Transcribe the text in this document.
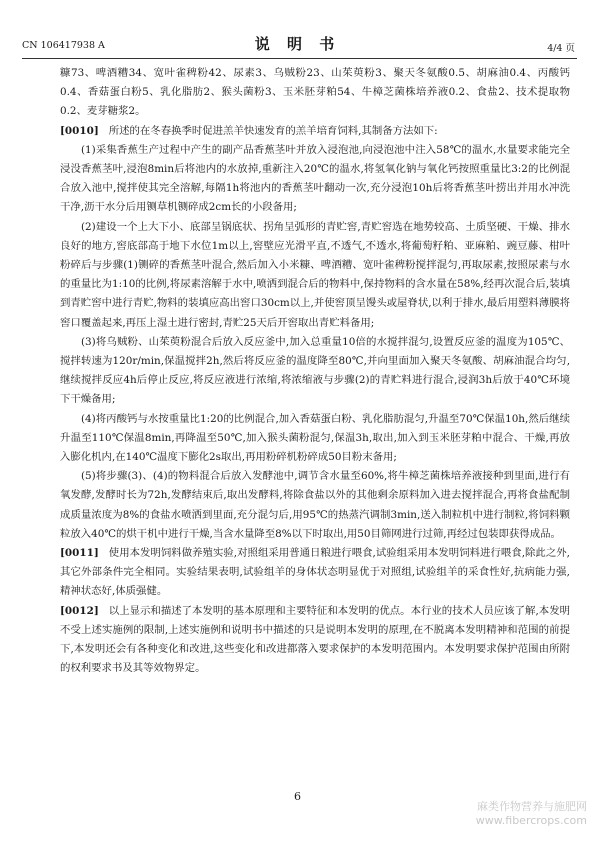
CN 106417938 A	说 明 书	4/4 页

糠73、啤酒糟34、宽叶雀稗粉42、尿素3、乌贼粉23、山茱萸粉3、聚天冬氨酸0.5、胡麻油0.4、丙酸钙0.4、香菇蛋白粉5、乳化脂肪2、猴头菌粉3、玉米胚芽粕54、牛樟芝菌株培养液0.2、食盐2、技术提取物0.2、麦芽糖浆2。

[0010] 所述的在冬春换季时促进羔羊快速发育的羔羊培育饲料,其制备方法如下:

(1)采集香蕉生产过程中产生的副产品香蕉茎叶并放入浸泡池,向浸泡池中注入58℃的温水,水量要求能完全浸没香蕉茎叶,浸泡8min后将池内的水放掉,重新注入20℃的温水,将氢氧化钠与氧化钙按照重量比3:2的比例混合放入池中,搅拌使其完全溶解,每隔1h将池内的香蕉茎叶翻动一次,充分浸泡10h后将香蕉茎叶捞出并用水冲洗干净,沥干水分后用铡草机铡碎成2cm长的小段备用;

(2)建设一个上大下小、底部呈锅底状、拐角呈弧形的青贮窖,青贮窖选在地势较高、土质坚硬、干燥、排水良好的地方,窖底部高于地下水位1m以上,窖壁应光滑平直,不透气,不透水,将葡萄籽粕、亚麻粕、豌豆藤、柑叶粉碎后与步骤(1)铡碎的香蕉茎叶混合,然后加入小米糠、啤酒糟、宽叶雀稗粉搅拌混匀,再取尿素,按照尿素与水的重量比为1:10的比例,将尿素溶解于水中,喷洒到混合后的物料中,保持物料的含水量在58%,经再次混合后,装填到青贮窖中进行青贮,物料的装填应高出窖口30cm以上,并使窖顶呈馒头或屋脊状,以利于排水,最后用塑料薄膜将窖口覆盖起来,再压上湿土进行密封,青贮25天后开窖取出青贮料备用;

(3)将乌贼粉、山茱萸粉混合后放入反应釜中,加入总重量10倍的水搅拌混匀,设置反应釜的温度为105℃、搅拌转速为120r/min,保温搅拌2h,然后将反应釜的温度降至80℃,并向里面加入聚天冬氨酸、胡麻油混合均匀,继续搅拌反应4h后停止反应,将反应液进行浓缩,将浓缩液与步骤(2)的青贮料进行混合,浸润3h后放于40℃环境下干燥备用;

(4)将丙酸钙与水按重量比1:20的比例混合,加入香菇蛋白粉、乳化脂肪混匀,升温至70℃保温10h,然后继续升温至110℃保温8min,再降温至50℃,加入猴头菌粉混匀,保温3h,取出,加入到玉米胚芽粕中混合、干燥,再放入膨化机内,在140℃温度下膨化2s取出,再用粉碎机粉碎成50目粉末备用;

(5)将步骤(3)、(4)的物料混合后放入发酵池中,调节含水量至60%,将牛樟芝菌株培养液接种到里面,进行有氧发酵,发酵时长为72h,发酵结束后,取出发酵料,将除食盐以外的其他剩余原料加入进去搅拌混合,再将食盐配制成质量浓度为8%的食盐水喷洒到里面,充分混匀后,用95℃的热蒸汽调制3min,送入制粒机中进行制粒,将饲料颗粒放入40℃的烘干机中进行干燥,当含水量降至8%以下时取出,用50目筛网进行过筛,再经过包装即获得成品。

[0011] 使用本发明饲料做养殖实验,对照组采用普通日粮进行喂食,试验组采用本发明饲料进行喂食,除此之外,其它外部条件完全相同。实验结果表明,试验组羊的身体状态明显优于对照组,试验组羊的采食性好,抗病能力强,精神状态好,体质强健。

[0012] 以上显示和描述了本发明的基本原理和主要特征和本发明的优点。本行业的技术人员应该了解,本发明不受上述实施例的限制,上述实施例和说明书中描述的只是说明本发明的原理,在不脱离本发明精神和范围的前提下,本发明还会有各种变化和改进,这些变化和改进都落入要求保护的本发明范围内。本发明要求保护范围由所附的权利要求书及其等效物界定。

6
麻类作物营养与施肥网
www.fibercrops.com
